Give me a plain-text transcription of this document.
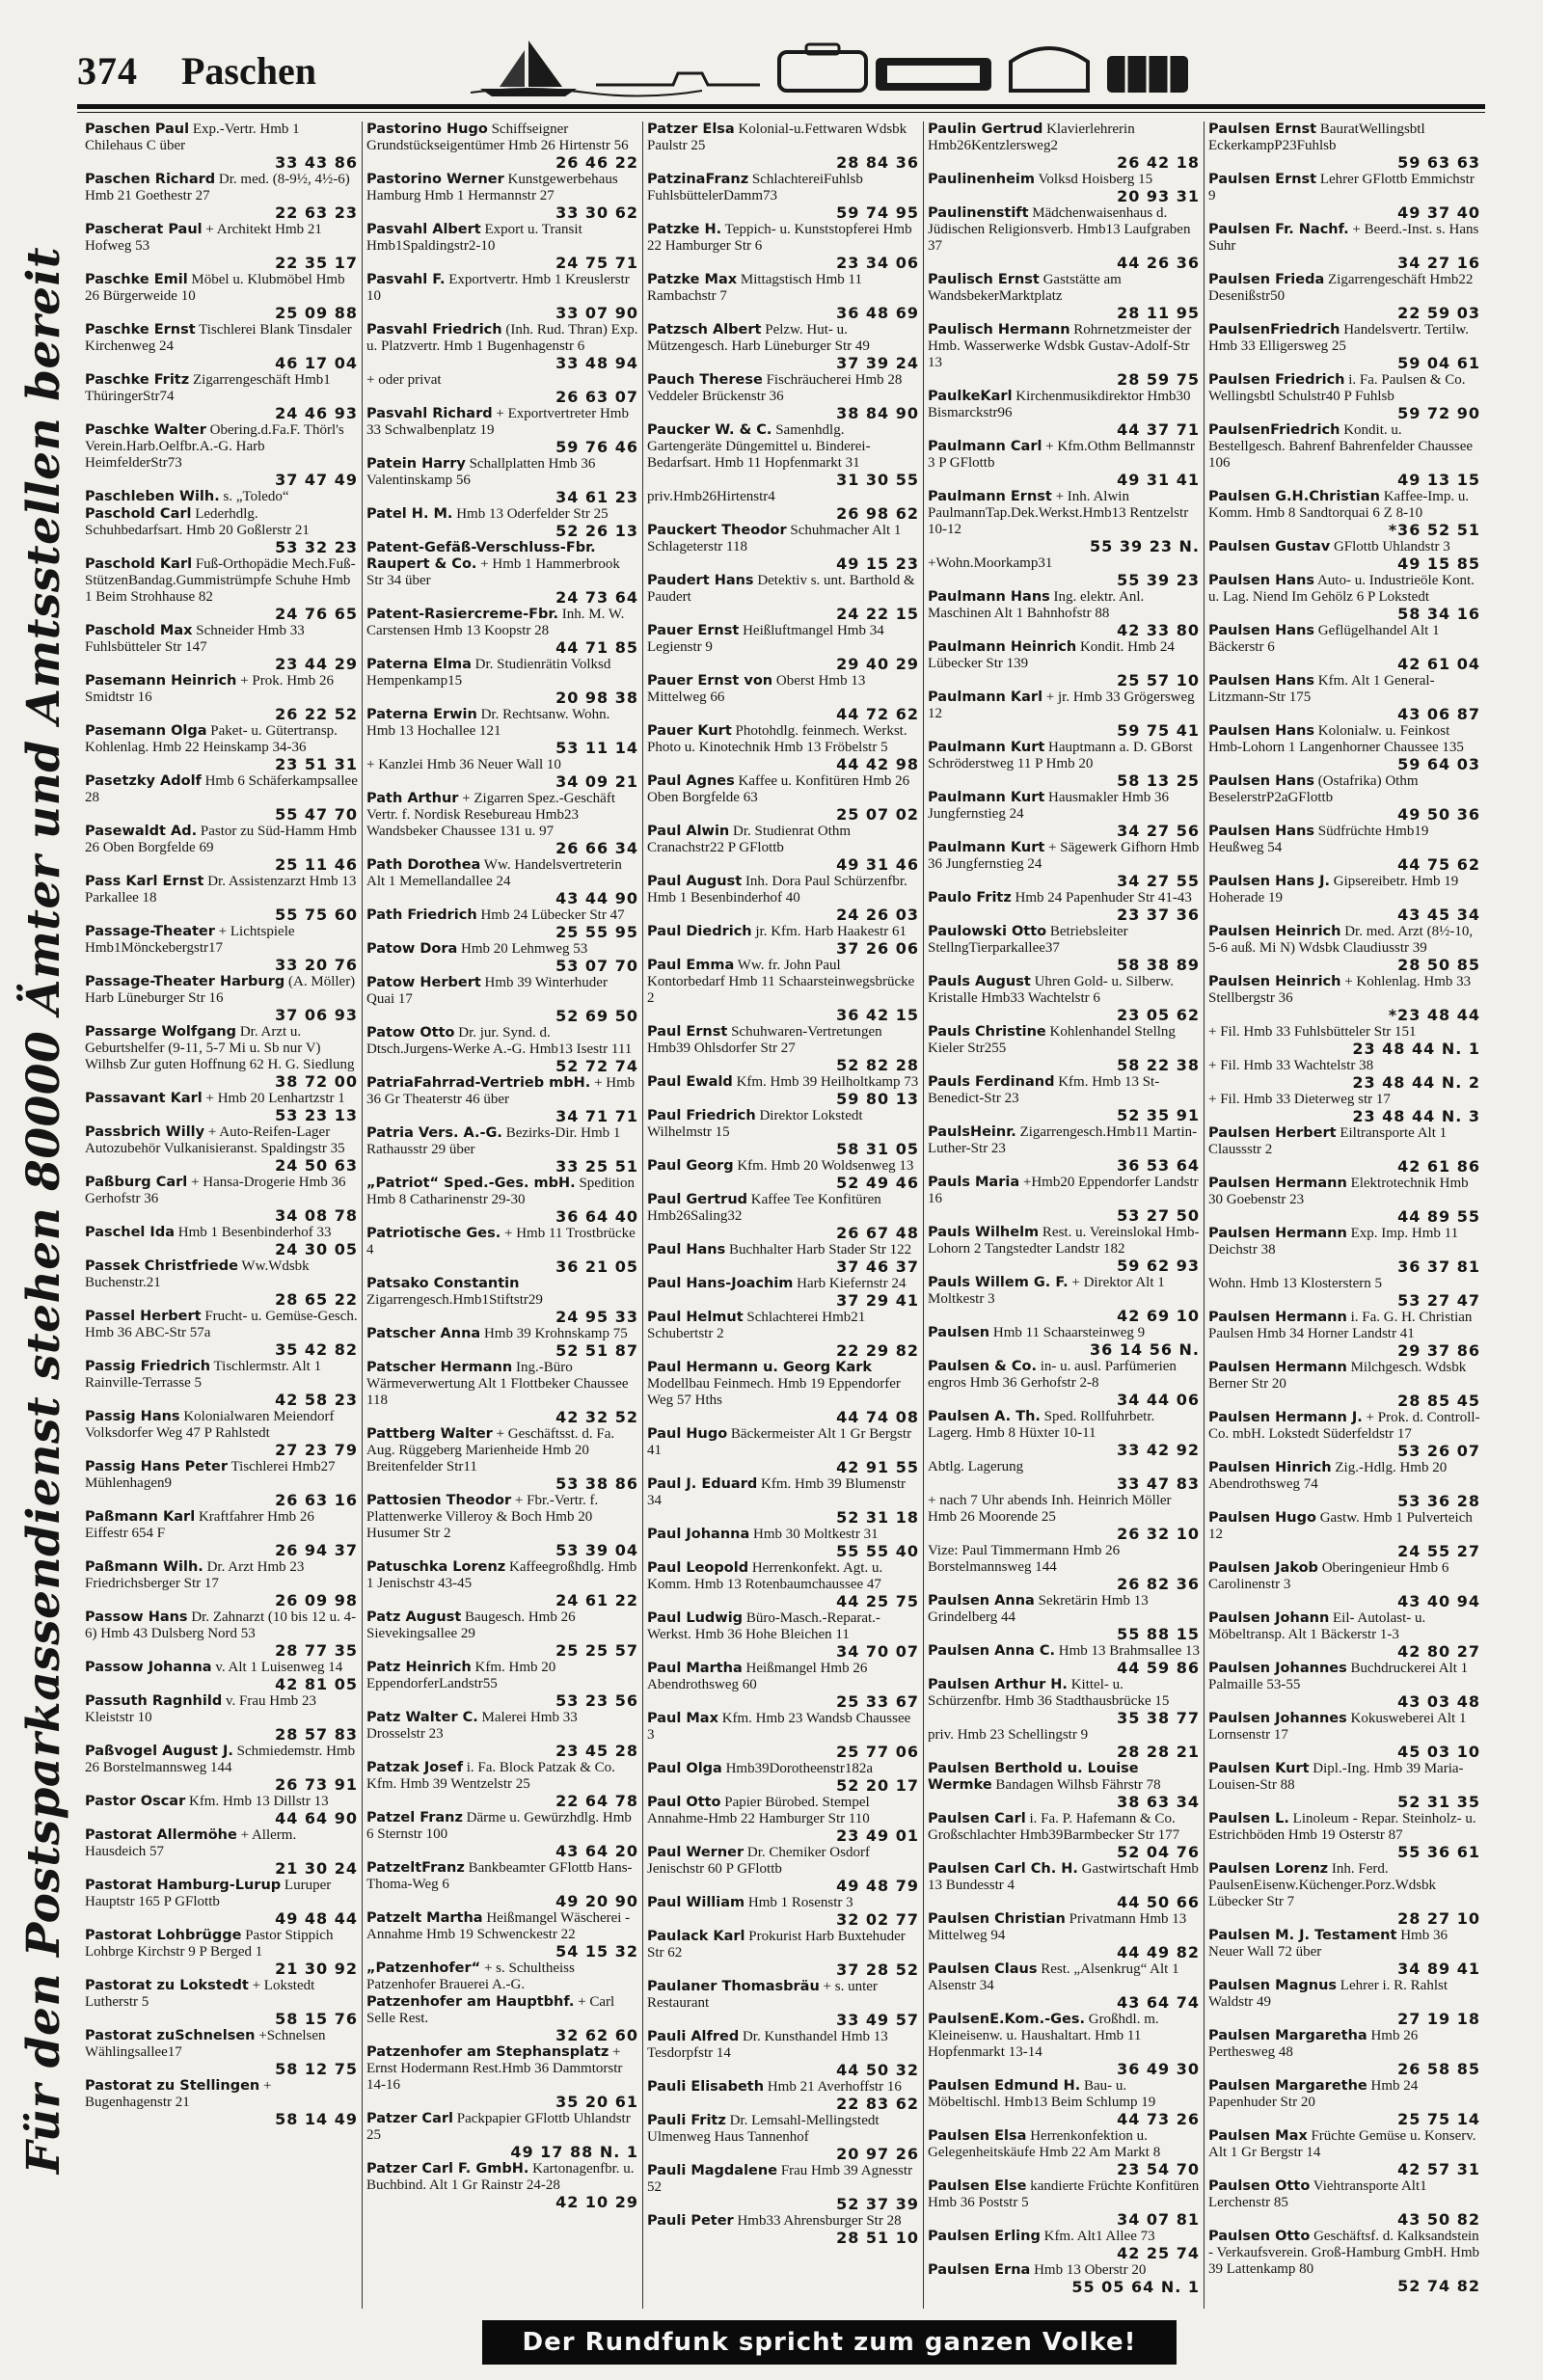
374 Paschen
Für den Postsparkassendienst stehen 80000 Ämter und Amtsstellen bereit
Paschen Paul Exp.-Vertr. Hmb 1 Chilehaus C über
33 43 86
Paschen Richard Dr. med. (8-9½, 4½-6) Hmb 21 Goethestr 27
22 63 23
Pascherat Paul + Architekt Hmb 21 Hofweg 53
22 35 17
Paschke Emil Möbel u. Klubmöbel Hmb 26 Bürgerweide 10
25 09 88
Paschke Ernst Tischlerei Blank Tinsdaler Kirchenweg 24
46 17 04
Paschke Fritz Zigarrengeschäft Hmb1 ThüringerStr74
24 46 93
Paschke Walter Obering.d.Fa.F. Thörl's Verein.Harb.Oelfbr.A.-G. Harb HeimfelderStr73
37 47 49
Paschleben Wilh. s. „Toledo“
Paschold Carl Lederhdlg. Schuhbedarfsart. Hmb 20 Goßlerstr 21
53 32 23
Paschold Karl Fuß-Orthopädie Mech.Fuß-StützenBandag.Gummistrümpfe Schuhe Hmb 1 Beim Strohhause 82
24 76 65
Paschold Max Schneider Hmb 33 Fuhlsbütteler Str 147
23 44 29
Pasemann Heinrich + Prok. Hmb 26 Smidtstr 16
26 22 52
Pasemann Olga Paket- u. Gütertransp. Kohlenlag. Hmb 22 Heinskamp 34-36
23 51 31
Pasetzky Adolf Hmb 6 Schäferkampsallee 28
55 47 70
Pasewaldt Ad. Pastor zu Süd-Hamm Hmb 26 Oben Borgfelde 69
25 11 46
Pass Karl Ernst Dr. Assistenzarzt Hmb 13 Parkallee 18
55 75 60
Passage-Theater + Lichtspiele Hmb1Mönckebergstr17
33 20 76
Passage-Theater Harburg (A. Möller) Harb Lüneburger Str 16
37 06 93
Passarge Wolfgang Dr. Arzt u. Geburtshelfer (9-11, 5-7 Mi u. Sb nur V) Wilhsb Zur guten Hoffnung 62 H. G. Siedlung
38 72 00
Passavant Karl + Hmb 20 Lenhartzstr 1
53 23 13
Passbrich Willy + Auto-Reifen-Lager Autozubehör Vulkanisieranst. Spaldingstr 35
24 50 63
Paßburg Carl + Hansa-Drogerie Hmb 36 Gerhofstr 36
34 08 78
Paschel Ida Hmb 1 Besenbinderhof 33
24 30 05
Passek Christfriede Ww.Wdsbk Buchenstr.21
28 65 22
Passel Herbert Frucht- u. Gemüse-Gesch. Hmb 36 ABC-Str 57a
35 42 82
Passig Friedrich Tischlermstr. Alt 1 Rainville-Terrasse 5
42 58 23
Passig Hans Kolonialwaren Meiendorf Volksdorfer Weg 47 P Rahlstedt
27 23 79
Passig Hans Peter Tischlerei Hmb27 Mühlenhagen9
26 63 16
Paßmann Karl Kraftfahrer Hmb 26 Eiffestr 654 F
26 94 37
Paßmann Wilh. Dr. Arzt Hmb 23 Friedrichsberger Str 17
26 09 98
Passow Hans Dr. Zahnarzt (10 bis 12 u. 4-6) Hmb 43 Dulsberg Nord 53
28 77 35
Passow Johanna v. Alt 1 Luisenweg 14
42 81 05
Passuth Ragnhild v. Frau Hmb 23 Kleiststr 10
28 57 83
Paßvogel August J. Schmiedemstr. Hmb 26 Borstelmannsweg 144
26 73 91
Pastor Oscar Kfm. Hmb 13 Dillstr 13
44 64 90
Pastorat Allermöhe + Allerm. Hausdeich 57
21 30 24
Pastorat Hamburg-Lurup Luruper Hauptstr 165 P GFlottb
49 48 44
Pastorat Lohbrügge Pastor Stippich Lohbrge Kirchstr 9 P Berged 1
21 30 92
Pastorat zu Lokstedt + Lokstedt Lutherstr 5
58 15 76
Pastorat zuSchnelsen +Schnelsen Wählingsallee17
58 12 75
Pastorat zu Stellingen + Bugenhagenstr 21
58 14 49
Pastorino Hugo Schiffseigner Grundstückseigentümer Hmb 26 Hirtenstr 56
26 46 22
Pastorino Werner Kunstgewerbehaus Hamburg Hmb 1 Hermannstr 27
33 30 62
Pasvahl Albert Export u. Transit Hmb1Spaldingstr2-10
24 75 71
Pasvahl F. Exportvertr. Hmb 1 Kreuslerstr 10
33 07 90
Pasvahl Friedrich (Inh. Rud. Thran) Exp. u. Platzvertr. Hmb 1 Bugenhagenstr 6
33 48 94
+ oder privat
26 63 07
Pasvahl Richard + Exportvertreter Hmb 33 Schwalbenplatz 19
59 76 46
Patein Harry Schallplatten Hmb 36 Valentinskamp 56
34 61 23
Patel H. M. Hmb 13 Oderfelder Str 25
52 26 13
Patent-Gefäß-Verschluss-Fbr. Raupert & Co. + Hmb 1 Hammerbrook Str 34 über
24 73 64
Patent-Rasiercreme-Fbr. Inh. M. W. Carstensen Hmb 13 Koopstr 28
44 71 85
Paterna Elma Dr. Studienrätin Volksd Hempenkamp15
20 98 38
Paterna Erwin Dr. Rechtsanw. Wohn. Hmb 13 Hochallee 121
53 11 14
+ Kanzlei Hmb 36 Neuer Wall 10
34 09 21
Path Arthur + Zigarren Spez.-Geschäft Vertr. f. Nordisk Resebureau Hmb23 Wandsbeker Chaussee 131 u. 97
26 66 34
Path Dorothea Ww. Handelsvertreterin Alt 1 Memellandallee 24
43 44 90
Path Friedrich Hmb 24 Lübecker Str 47
25 55 95
Patow Dora Hmb 20 Lehmweg 53
53 07 70
Patow Herbert Hmb 39 Winterhuder Quai 17
52 69 50
Patow Otto Dr. jur. Synd. d. Dtsch.Jurgens-Werke A.-G. Hmb13 Isestr 111
52 72 74
PatriaFahrrad-Vertrieb mbH. + Hmb 36 Gr Theaterstr 46 über
34 71 71
Patria Vers. A.-G. Bezirks-Dir. Hmb 1 Rathausstr 29 über
33 25 51
„Patriot“ Sped.-Ges. mbH. Spedition Hmb 8 Catharinenstr 29-30
36 64 40
Patriotische Ges. + Hmb 11 Trostbrücke 4
36 21 05
Patsako Constantin Zigarrengesch.Hmb1Stiftstr29
24 95 33
Patscher Anna Hmb 39 Krohnskamp 75
52 51 87
Patscher Hermann Ing.-Büro Wärmeverwertung Alt 1 Flottbeker Chaussee 118
42 32 52
Pattberg Walter + Geschäftsst. d. Fa. Aug. Rüggeberg Marienheide Hmb 20 Breitenfelder Str11
53 38 86
Pattosien Theodor + Fbr.-Vertr. f. Plattenwerke Villeroy & Boch Hmb 20 Husumer Str 2
53 39 04
Patuschka Lorenz Kaffeegroßhdlg. Hmb 1 Jenischstr 43-45
24 61 22
Patz August Baugesch. Hmb 26 Sievekingsallee 29
25 25 57
Patz Heinrich Kfm. Hmb 20 EppendorferLandstr55
53 23 56
Patz Walter C. Malerei Hmb 33 Drosselstr 23
23 45 28
Patzak Josef i. Fa. Block Patzak & Co. Kfm. Hmb 39 Wentzelstr 25
22 64 78
Patzel Franz Därme u. Gewürzhdlg. Hmb 6 Sternstr 100
43 64 20
PatzeltFranz Bankbeamter GFlottb Hans-Thoma-Weg 6
49 20 90
Patzelt Martha Heißmangel Wäscherei - Annahme Hmb 19 Schwenckestr 22
54 15 32
„Patzenhofer“ + s. Schultheiss Patzenhofer Brauerei A.-G.
Patzenhofer am Hauptbhf. + Carl Selle Rest.
32 62 60
Patzenhofer am Stephansplatz + Ernst Hodermann Rest.Hmb 36 Dammtorstr 14-16
35 20 61
Patzer Carl Packpapier GFlottb Uhlandstr 25
49 17 88 N. 1
Patzer Carl F. GmbH. Kartonagenfbr. u. Buchbind. Alt 1 Gr Rainstr 24-28
42 10 29
Patzer Elsa Kolonial-u.Fettwaren Wdsbk Paulstr 25
28 84 36
PatzinaFranz SchlachtereiFuhlsb FuhlsbüttelerDamm73
59 74 95
Patzke H. Teppich- u. Kunststopferei Hmb 22 Hamburger Str 6
23 34 06
Patzke Max Mittagstisch Hmb 11 Rambachstr 7
36 48 69
Patzsch Albert Pelzw. Hut- u. Mützengesch. Harb Lüneburger Str 49
37 39 24
Pauch Therese Fischräucherei Hmb 28 Veddeler Brückenstr 36
38 84 90
Paucker W. & C. Samenhdlg. Gartengeräte Düngemittel u. Binderei-Bedarfsart. Hmb 11 Hopfenmarkt 31
31 30 55
priv.Hmb26Hirtenstr4
26 98 62
Pauckert Theodor Schuhmacher Alt 1 Schlageterstr 118
49 15 23
Paudert Hans Detektiv s. unt. Barthold & Paudert
24 22 15
Pauer Ernst Heißluftmangel Hmb 34 Legienstr 9
29 40 29
Pauer Ernst von Oberst Hmb 13 Mittelweg 66
44 72 62
Pauer Kurt Photohdlg. feinmech. Werkst. Photo u. Kinotechnik Hmb 13 Fröbelstr 5
44 42 98
Paul Agnes Kaffee u. Konfitüren Hmb 26 Oben Borgfelde 63
25 07 02
Paul Alwin Dr. Studienrat Othm Cranachstr22 P GFlottb
49 31 46
Paul August Inh. Dora Paul Schürzenfbr. Hmb 1 Besenbinderhof 40
24 26 03
Paul Diedrich jr. Kfm. Harb Haakestr 61
37 26 06
Paul Emma Ww. fr. John Paul Kontorbedarf Hmb 11 Schaarsteinwegsbrücke 2
36 42 15
Paul Ernst Schuhwaren-Vertretungen Hmb39 Ohlsdorfer Str 27
52 82 28
Paul Ewald Kfm. Hmb 39 Heilholtkamp 73
59 80 13
Paul Friedrich Direktor Lokstedt Wilhelmstr 15
58 31 05
Paul Georg Kfm. Hmb 20 Woldsenweg 13
52 49 46
Paul Gertrud Kaffee Tee Konfitüren Hmb26Saling32
26 67 48
Paul Hans Buchhalter Harb Stader Str 122
37 46 37
Paul Hans-Joachim Harb Kiefernstr 24
37 29 41
Paul Helmut Schlachterei Hmb21 Schubertstr 2
22 29 82
Paul Hermann u. Georg Kark Modellbau Feinmech. Hmb 19 Eppendorfer Weg 57 Hths
44 74 08
Paul Hugo Bäckermeister Alt 1 Gr Bergstr 41
42 91 55
Paul J. Eduard Kfm. Hmb 39 Blumenstr 34
52 31 18
Paul Johanna Hmb 30 Moltkestr 31
55 55 40
Paul Leopold Herrenkonfekt. Agt. u. Komm. Hmb 13 Rotenbaumchaussee 47
44 25 75
Paul Ludwig Büro-Masch.-Reparat.-Werkst. Hmb 36 Hohe Bleichen 11
34 70 07
Paul Martha Heißmangel Hmb 26 Abendrothsweg 60
25 33 67
Paul Max Kfm. Hmb 23 Wandsb Chaussee 3
25 77 06
Paul Olga Hmb39Dorotheenstr182a
52 20 17
Paul Otto Papier Bürobed. Stempel Annahme-Hmb 22 Hamburger Str 110
23 49 01
Paul Werner Dr. Chemiker Osdorf Jenischstr 60 P GFlottb
49 48 79
Paul William Hmb 1 Rosenstr 3
32 02 77
Paulack Karl Prokurist Harb Buxtehuder Str 62
37 28 52
Paulaner Thomasbräu + s. unter Restaurant
33 49 57
Pauli Alfred Dr. Kunsthandel Hmb 13 Tesdorpfstr 14
44 50 32
Pauli Elisabeth Hmb 21 Averhoffstr 16
22 83 62
Pauli Fritz Dr. Lemsahl-Mellingstedt Ulmenweg Haus Tannenhof
20 97 26
Pauli Magdalene Frau Hmb 39 Agnesstr 52
52 37 39
Pauli Peter Hmb33 Ahrensburger Str 28
28 51 10
Paulin Gertrud Klavierlehrerin Hmb26Kentzlersweg2
26 42 18
Paulinenheim Volksd Hoisberg 15
20 93 31
Paulinenstift Mädchenwaisenhaus d. Jüdischen Religionsverb. Hmb13 Laufgraben 37
44 26 36
Paulisch Ernst Gaststätte am WandsbekerMarktplatz
28 11 95
Paulisch Hermann Rohrnetzmeister der Hmb. Wasserwerke Wdsbk Gustav-Adolf-Str 13
28 59 75
PaulkeKarl Kirchenmusikdirektor Hmb30 Bismarckstr96
44 37 71
Paulmann Carl + Kfm.Othm Bellmannstr 3 P GFlottb
49 31 41
Paulmann Ernst + Inh. Alwin PaulmannTap.Dek.Werkst.Hmb13 Rentzelstr 10-12
55 39 23 N.
+Wohn.Moorkamp31
55 39 23
Paulmann Hans Ing. elektr. Anl. Maschinen Alt 1 Bahnhofstr 88
42 33 80
Paulmann Heinrich Kondit. Hmb 24 Lübecker Str 139
25 57 10
Paulmann Karl + jr. Hmb 33 Grögersweg 12
59 75 41
Paulmann Kurt Hauptmann a. D. GBorst Schröderstweg 11 P Hmb 20
58 13 25
Paulmann Kurt Hausmakler Hmb 36 Jungfernstieg 24
34 27 56
Paulmann Kurt + Sägewerk Gifhorn Hmb 36 Jungfernstieg 24
34 27 55
Paulo Fritz Hmb 24 Papenhuder Str 41-43
23 37 36
Paulowski Otto Betriebsleiter StellngTierparkallee37
58 38 89
Pauls August Uhren Gold- u. Silberw. Kristalle Hmb33 Wachtelstr 6
23 05 62
Pauls Christine Kohlenhandel Stellng Kieler Str255
58 22 38
Pauls Ferdinand Kfm. Hmb 13 St-Benedict-Str 23
52 35 91
PaulsHeinr. Zigarrengesch.Hmb11 Martin-Luther-Str 23
36 53 64
Pauls Maria +Hmb20 Eppendorfer Landstr 16
53 27 50
Pauls Wilhelm Rest. u. Vereinslokal Hmb-Lohorn 2 Tangstedter Landstr 182
59 62 93
Pauls Willem G. F. + Direktor Alt 1 Moltkestr 3
42 69 10
Paulsen Hmb 11 Schaarsteinweg 9
36 14 56 N.
Paulsen & Co. in- u. ausl. Parfümerien engros Hmb 36 Gerhofstr 2-8
34 44 06
Paulsen A. Th. Sped. Rollfuhrbetr. Lagerg. Hmb 8 Hüxter 10-11
33 42 92
Abtlg. Lagerung
33 47 83
+ nach 7 Uhr abends Inh. Heinrich Möller Hmb 26 Moorende 25
26 32 10
Vize: Paul Timmermann Hmb 26 Borstelmannsweg 144
26 82 36
Paulsen Anna Sekretärin Hmb 13 Grindelberg 44
55 88 15
Paulsen Anna C. Hmb 13 Brahmsallee 13
44 59 86
Paulsen Arthur H. Kittel- u. Schürzenfbr. Hmb 36 Stadthausbrücke 15
35 38 77
priv. Hmb 23 Schellingstr 9
28 28 21
Paulsen Berthold u. Louise Wermke Bandagen Wilhsb Fährstr 78
38 63 34
Paulsen Carl i. Fa. P. Hafemann & Co. Großschlachter Hmb39Barmbecker Str 177
52 04 76
Paulsen Carl Ch. H. Gastwirtschaft Hmb 13 Bundesstr 4
44 50 66
Paulsen Christian Privatmann Hmb 13 Mittelweg 94
44 49 82
Paulsen Claus Rest. „Alsenkrug“ Alt 1 Alsenstr 34
43 64 74
PaulsenE.Kom.-Ges. Großhdl. m. Kleineisenw. u. Haushaltart. Hmb 11 Hopfenmarkt 13-14
36 49 30
Paulsen Edmund H. Bau- u. Möbeltischl. Hmb13 Beim Schlump 19
44 73 26
Paulsen Elsa Herrenkonfektion u. Gelegenheitskäufe Hmb 22 Am Markt 8
23 54 70
Paulsen Else kandierte Früchte Konfitüren Hmb 36 Poststr 5
34 07 81
Paulsen Erling Kfm. Alt1 Allee 73
42 25 74
Paulsen Erna Hmb 13 Oberstr 20
55 05 64 N. 1
Paulsen Ernst BauratWellingsbtl EckerkampP23Fuhlsb
59 63 63
Paulsen Ernst Lehrer GFlottb Emmichstr 9
49 37 40
Paulsen Fr. Nachf. + Beerd.-Inst. s. Hans Suhr
34 27 16
Paulsen Frieda Zigarrengeschäft Hmb22 Desenißstr50
22 59 03
PaulsenFriedrich Handelsvertr. Tertilw. Hmb 33 Elligersweg 25
59 04 61
Paulsen Friedrich i. Fa. Paulsen & Co. Wellingsbtl Schulstr40 P Fuhlsb
59 72 90
PaulsenFriedrich Kondit. u. Bestellgesch. Bahrenf Bahrenfelder Chaussee 106
49 13 15
Paulsen G.H.Christian Kaffee-Imp. u. Komm. Hmb 8 Sandtorquai 6 Z 8-10
*36 52 51
Paulsen Gustav GFlottb Uhlandstr 3
49 15 85
Paulsen Hans Auto- u. Industrieöle Kont. u. Lag. Niend Im Gehölz 6 P Lokstedt
58 34 16
Paulsen Hans Geflügelhandel Alt 1 Bäckerstr 6
42 61 04
Paulsen Hans Kfm. Alt 1 General-Litzmann-Str 175
43 06 87
Paulsen Hans Kolonialw. u. Feinkost Hmb-Lohorn 1 Langenhorner Chaussee 135
59 64 03
Paulsen Hans (Ostafrika) Othm BeselerstrP2aGFlottb
49 50 36
Paulsen Hans Südfrüchte Hmb19 Heußweg 54
44 75 62
Paulsen Hans J. Gipsereibetr. Hmb 19 Hoherade 19
43 45 34
Paulsen Heinrich Dr. med. Arzt (8½-10, 5-6 auß. Mi N) Wdsbk Claudiusstr 39
28 50 85
Paulsen Heinrich + Kohlenlag. Hmb 33 Stellbergstr 36
*23 48 44
+ Fil. Hmb 33 Fuhlsbütteler Str 151
23 48 44 N. 1
+ Fil. Hmb 33 Wachtelstr 38
23 48 44 N. 2
+ Fil. Hmb 33 Dieterweg str 17
23 48 44 N. 3
Paulsen Herbert Eiltransporte Alt 1 Claussstr 2
42 61 86
Paulsen Hermann Elektrotechnik Hmb 30 Goebenstr 23
44 89 55
Paulsen Hermann Exp. Imp. Hmb 11 Deichstr 38
36 37 81
Wohn. Hmb 13 Klosterstern 5
53 27 47
Paulsen Hermann i. Fa. G. H. Christian Paulsen Hmb 34 Horner Landstr 41
29 37 86
Paulsen Hermann Milchgesch. Wdsbk Berner Str 20
28 85 45
Paulsen Hermann J. + Prok. d. Controll-Co. mbH. Lokstedt Süderfeldstr 17
53 26 07
Paulsen Hinrich Zig.-Hdlg. Hmb 20 Abendrothsweg 74
53 36 28
Paulsen Hugo Gastw. Hmb 1 Pulverteich 12
24 55 27
Paulsen Jakob Oberingenieur Hmb 6 Carolinenstr 3
43 40 94
Paulsen Johann Eil- Autolast- u. Möbeltransp. Alt 1 Bäckerstr 1-3
42 80 27
Paulsen Johannes Buchdruckerei Alt 1 Palmaille 53-55
43 03 48
Paulsen Johannes Kokusweberei Alt 1 Lornsenstr 17
45 03 10
Paulsen Kurt Dipl.-Ing. Hmb 39 Maria-Louisen-Str 88
52 31 35
Paulsen L. Linoleum - Repar. Steinholz- u. Estrichböden Hmb 19 Osterstr 87
55 36 61
Paulsen Lorenz Inh. Ferd. PaulsenEisenw.Küchenger.Porz.Wdsbk Lübecker Str 7
28 27 10
Paulsen M. J. Testament Hmb 36 Neuer Wall 72 über
34 89 41
Paulsen Magnus Lehrer i. R. Rahlst Waldstr 49
27 19 18
Paulsen Margaretha Hmb 26 Perthesweg 48
26 58 85
Paulsen Margarethe Hmb 24 Papenhuder Str 20
25 75 14
Paulsen Max Früchte Gemüse u. Konserv. Alt 1 Gr Bergstr 14
42 57 31
Paulsen Otto Viehtransporte Alt1 Lerchenstr 85
43 50 82
Paulsen Otto Geschäftsf. d. Kalksandstein - Verkaufsverein. Groß-Hamburg GmbH. Hmb 39 Lattenkamp 80
52 74 82
Der Rundfunk spricht zum ganzen Volke!
